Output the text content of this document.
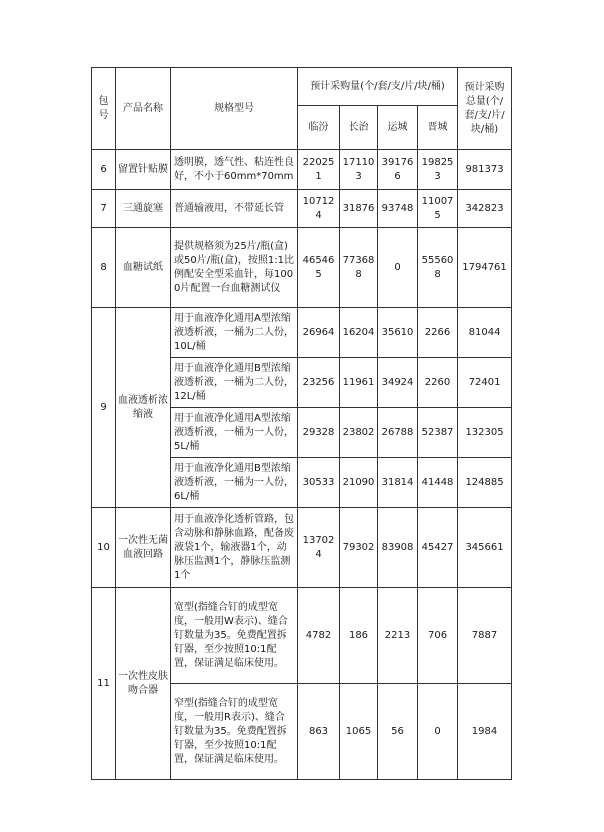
包号	产品名称	规格型号	预计采购量(个/套/支/片/块/桶)				预计采购总量(个/套/支/片/块/桶)
			临汾	长治	运城	晋城	
6	留置针贴膜	透明膜，透气性、粘连性良好，不小于60mm*70mm	220251	171103	391766	198253	981373
7	三通旋塞	普通输液用，不带延长管	107124	31876	93748	110075	342823
8	血糖试纸	提供规格须为25片/瓶(盒)或50片/瓶(盒)，按照1:1比例配安全型采血针，每1000片配置一台血糖测试仪	465465	773688	0	555608	1794761
9	血液透析浓缩液	用于血液净化通用A型浓缩液透析液，一桶为二人份，10L/桶	26964	16204	35610	2266	81044
		用于血液净化通用B型浓缩液透析液，一桶为二人份，12L/桶	23256	11961	34924	2260	72401
		用于血液净化通用A型浓缩液透析液，一桶为一人份，5L/桶	29328	23802	26788	52387	132305
		用于血液净化通用B型浓缩液透析液，一桶为一人份，6L/桶	30533	21090	31814	41448	124885
10	一次性无菌血液回路	用于血液净化透析管路，包含动脉和静脉血路，配备废液袋1个，输液器1个，动脉压监测1个，静脉压监测1个	137024	79302	83908	45427	345661
11	一次性皮肤吻合器	宽型(指缝合钉的成型宽度，一般用W表示)、缝合钉数量为35。免费配置拆钉器，至少按照10:1配置，保证满足临床使用。	4782	186	2213	706	7887
		窄型(指缝合钉的成型宽度，一般用R表示)、缝合钉数量为35。免费配置拆钉器，至少按照10:1配置，保证满足临床使用。	863	1065	56	0	1984
